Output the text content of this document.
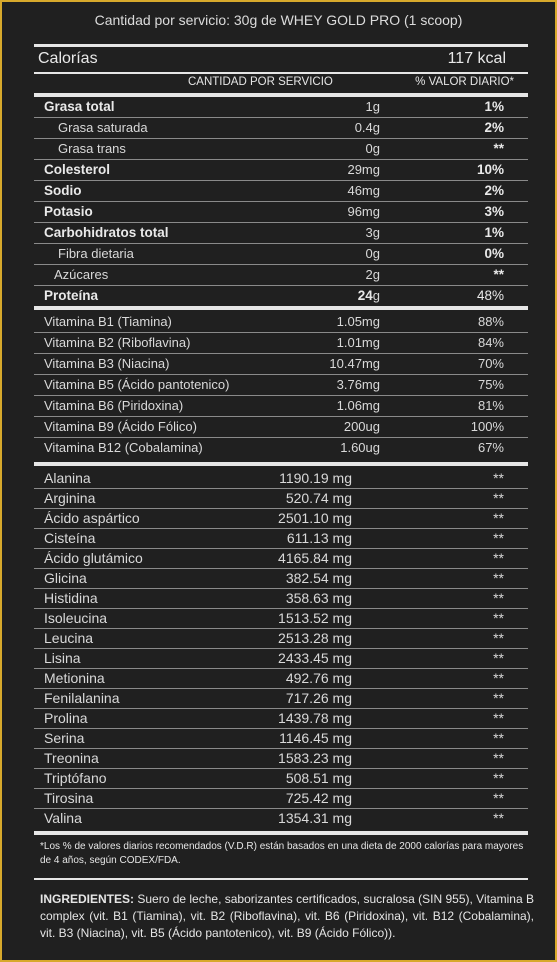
Cantidad por servicio: 30g de WHEY GOLD PRO (1 scoop)
Calorías	117 kcal
CANTIDAD POR SERVICIO	% VALOR DIARIO*
Grasa total	1g	1%
Grasa saturada	0.4g	2%
Grasa trans	0g	**
Colesterol	29mg	10%
Sodio	46mg	2%
Potasio	96mg	3%
Carbohidratos total	3g	1%
Fibra dietaria	0g	0%
Azúcares	2g	**
Proteína	24g	48%
Vitamina B1 (Tiamina)	1.05mg	88%
Vitamina B2 (Riboflavina)	1.01mg	84%
Vitamina B3 (Niacina)	10.47mg	70%
Vitamina B5 (Ácido pantotenico)	3.76mg	75%
Vitamina B6 (Piridoxina)	1.06mg	81%
Vitamina B9 (Ácido Fólico)	200ug	100%
Vitamina B12 (Cobalamina)	1.60ug	67%
Alanina	1190.19 mg	**
Arginina	520.74 mg	**
Ácido aspártico	2501.10 mg	**
Cisteína	611.13 mg	**
Ácido glutámico	4165.84 mg	**
Glicina	382.54 mg	**
Histidina	358.63 mg	**
Isoleucina	1513.52 mg	**
Leucina	2513.28 mg	**
Lisina	2433.45 mg	**
Metionina	492.76 mg	**
Fenilalanina	717.26 mg	**
Prolina	1439.78 mg	**
Serina	1146.45 mg	**
Treonina	1583.23 mg	**
Triptófano	508.51 mg	**
Tirosina	725.42 mg	**
Valina	1354.31 mg	**
*Los % de valores diarios recomendados (V.D.R) están basados en una dieta de 2000 calorías para mayores de 4 años, según CODEX/FDA.
INGREDIENTES: Suero de leche, saborizantes certificados, sucralosa (SIN 955), Vitamina B complex (vit. B1 (Tiamina), vit. B2 (Riboflavina), vit. B6 (Piridoxina), vit. B12 (Cobalamina), vit. B3 (Niacina), vit. B5 (Ácido pantotenico), vit. B9 (Ácido Fólico)).
